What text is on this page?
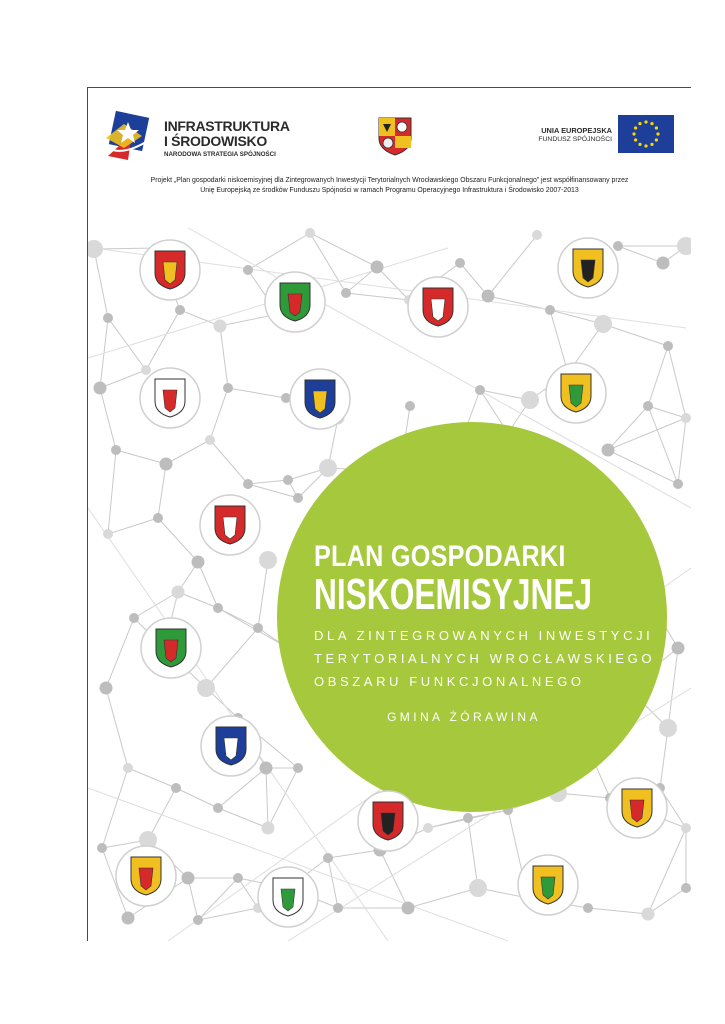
INFRASTRUKTURA
I ŚRODOWISKO
NARODOWA STRATEGIA SPÓJNOŚCI
UNIA EUROPEJSKA
FUNDUSZ SPÓJNOŚCI
Projekt „Plan gospodarki niskoemisyjnej dla Zintegrowanych Inwestycji Terytorialnych Wrocławskiego Obszaru Funkcjonalnego” jest współfinansowany przez
Unię Europejską ze środków Funduszu Spójności w ramach Programu Operacyjnego Infrastruktura i Środowisko 2007-2013
PLAN GOSPODARKI
NISKOEMISYJNEJ
DLA ZINTEGROWANYCH INWESTYCJI
TERYTORIALNYCH WROCŁAWSKIEGO
OBSZARU FUNKCJONALNEGO
GMINA ŻÓRAWINA
